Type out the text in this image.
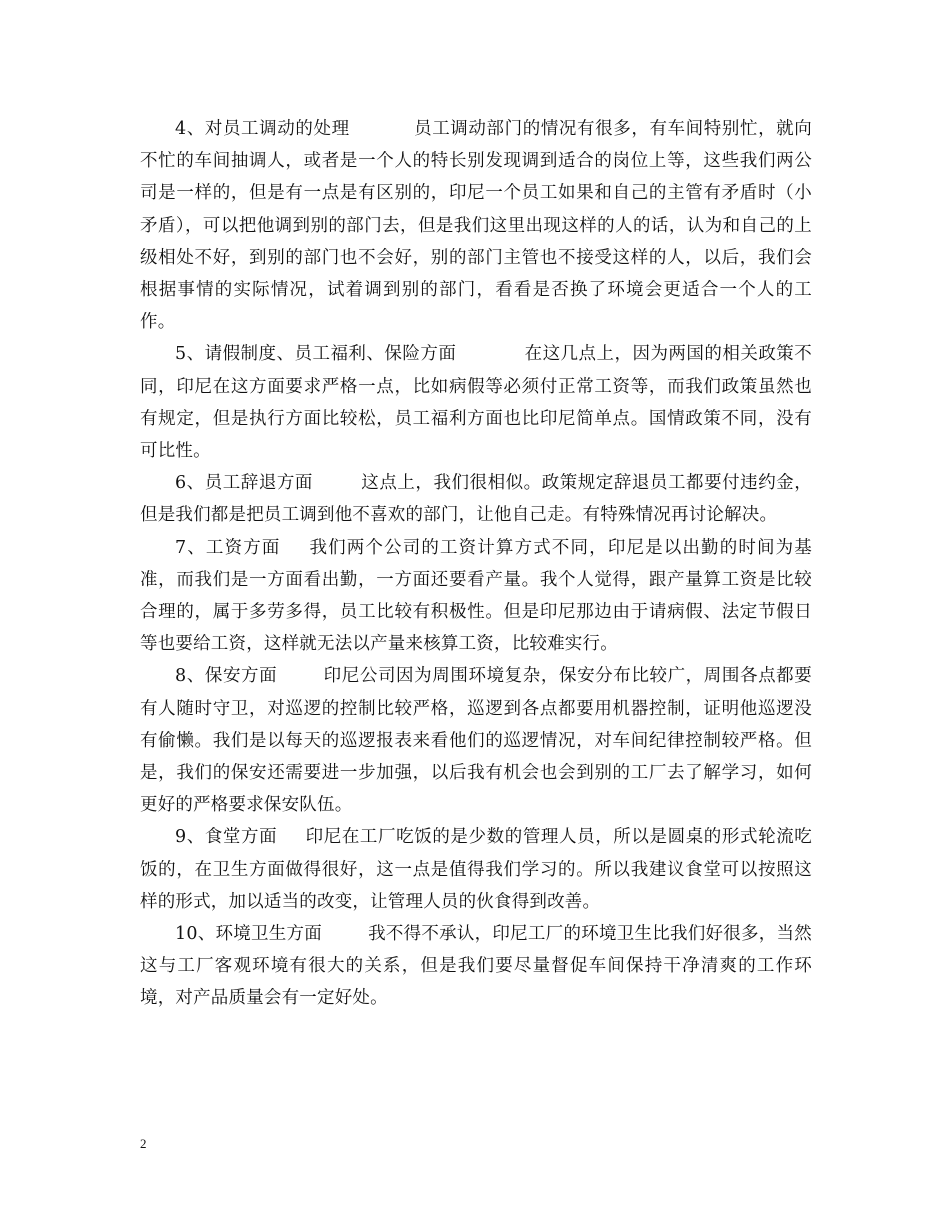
4、对员工调动的处理	员工调动部门的情况有很多，有车间特别忙，就向不忙的车间抽调人，或者是一个人的特长别发现调到适合的岗位上等，这些我们两公司是一样的，但是有一点是有区别的，印尼一个员工如果和自己的主管有矛盾时（小矛盾），可以把他调到别的部门去，但是我们这里出现这样的人的话，认为和自己的上级相处不好，到别的部门也不会好，别的部门主管也不接受这样的人，以后，我们会根据事情的实际情况，试着调到别的部门，看看是否换了环境会更适合一个人的工作。

5、请假制度、员工福利、保险方面	在这几点上，因为两国的相关政策不同，印尼在这方面要求严格一点，比如病假等必须付正常工资等，而我们政策虽然也有规定，但是执行方面比较松，员工福利方面也比印尼简单点。国情政策不同，没有可比性。

6、员工辞退方面	这点上，我们很相似。政策规定辞退员工都要付违约金，但是我们都是把员工调到他不喜欢的部门，让他自己走。有特殊情况再讨论解决。

7、工资方面 我们两个公司的工资计算方式不同，印尼是以出勤的时间为基准，而我们是一方面看出勤，一方面还要看产量。我个人觉得，跟产量算工资是比较合理的，属于多劳多得，员工比较有积极性。但是印尼那边由于请病假、法定节假日等也要给工资，这样就无法以产量来核算工资，比较难实行。

8、保安方面	印尼公司因为周围环境复杂，保安分布比较广，周围各点都要有人随时守卫，对巡逻的控制比较严格，巡逻到各点都要用机器控制，证明他巡逻没有偷懒。我们是以每天的巡逻报表来看他们的巡逻情况，对车间纪律控制较严格。但是，我们的保安还需要进一步加强，以后我有机会也会到别的工厂去了解学习，如何更好的严格要求保安队伍。

9、食堂方面 印尼在工厂吃饭的是少数的管理人员，所以是圆桌的形式轮流吃饭的，在卫生方面做得很好，这一点是值得我们学习的。所以我建议食堂可以按照这样的形式，加以适当的改变，让管理人员的伙食得到改善。

10、环境卫生方面	我不得不承认，印尼工厂的环境卫生比我们好很多，当然这与工厂客观环境有很大的关系，但是我们要尽量督促车间保持干净清爽的工作环境，对产品质量会有一定好处。

2
